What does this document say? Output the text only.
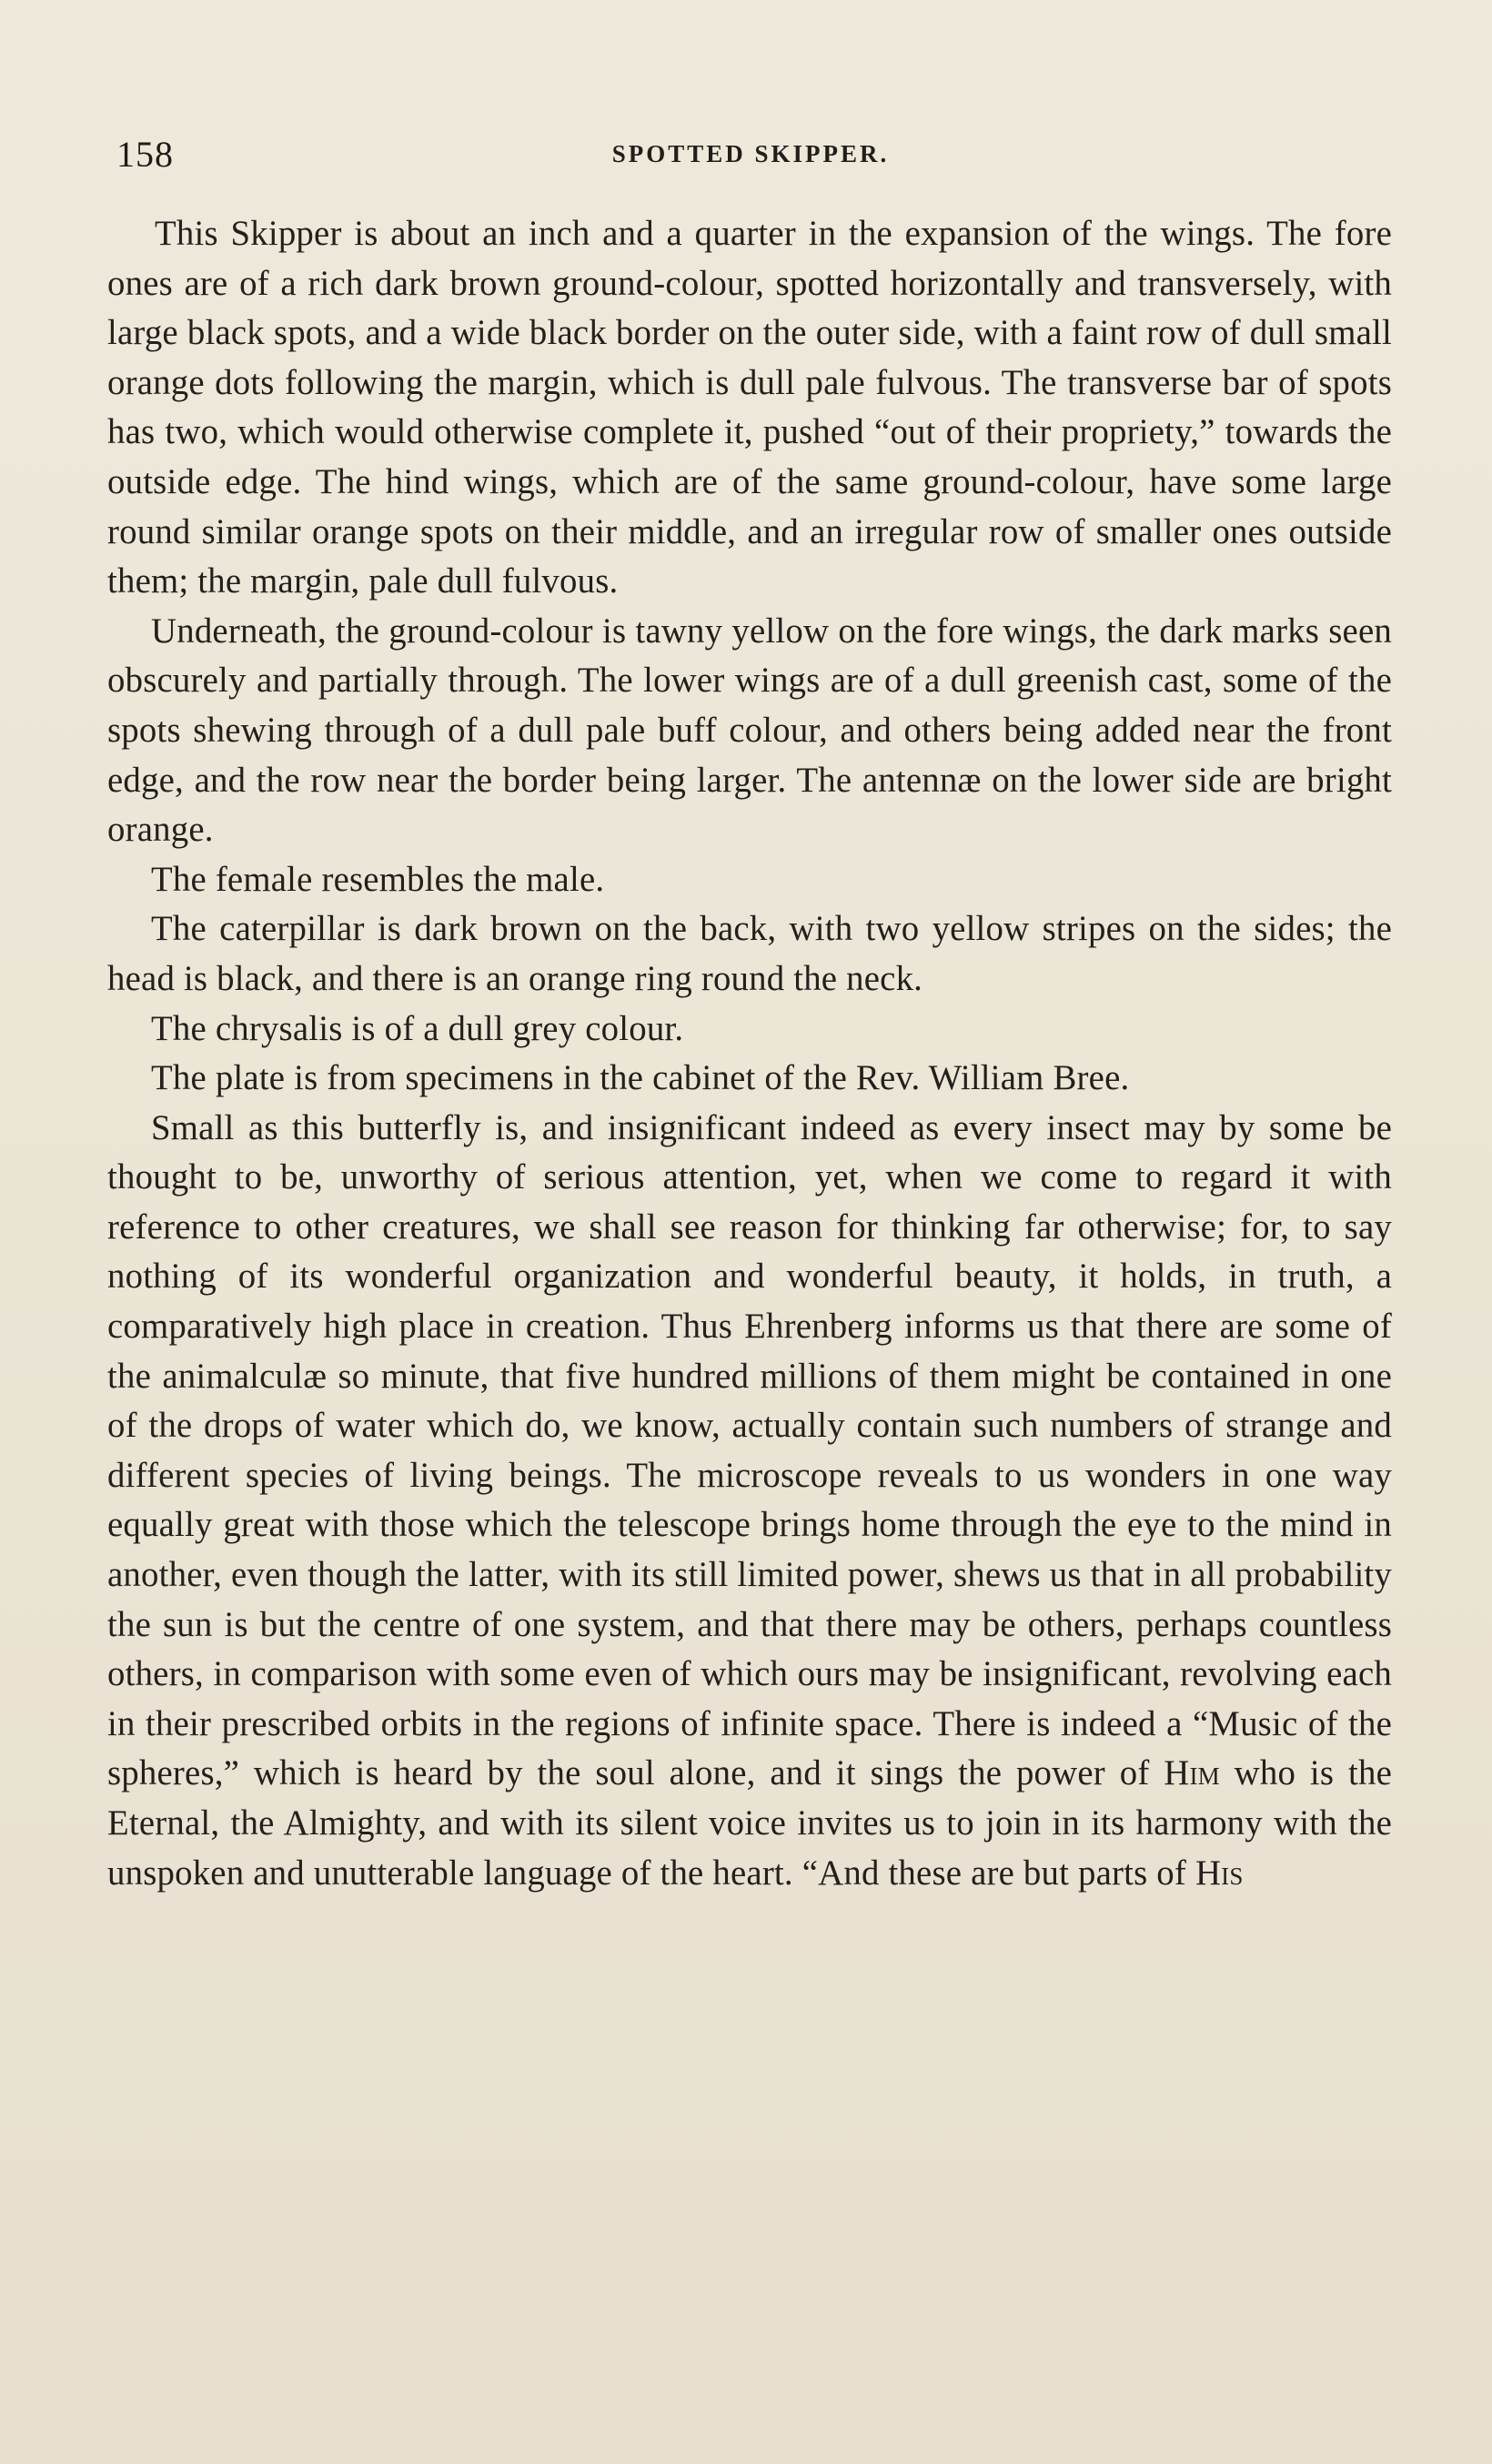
158	SPOTTED SKIPPER.

This Skipper is about an inch and a quarter in the expansion of the wings. The fore ones are of a rich dark brown ground-colour, spotted horizontally and transversely, with large black spots, and a wide black border on the outer side, with a faint row of dull small orange dots following the margin, which is dull pale fulvous. The transverse bar of spots has two, which would otherwise complete it, pushed “out of their propriety,” towards the outside edge. The hind wings, which are of the same ground-colour, have some large round similar orange spots on their middle, and an irregular row of smaller ones outside them; the margin, pale dull fulvous.

Underneath, the ground-colour is tawny yellow on the fore wings, the dark marks seen obscurely and partially through. The lower wings are of a dull greenish cast, some of the spots shewing through of a dull pale buff colour, and others being added near the front edge, and the row near the border being larger. The antennæ on the lower side are bright orange.

The female resembles the male.

The caterpillar is dark brown on the back, with two yellow stripes on the sides; the head is black, and there is an orange ring round the neck.

The chrysalis is of a dull grey colour.

The plate is from specimens in the cabinet of the Rev. William Bree.

Small as this butterfly is, and insignificant indeed as every insect may by some be thought to be, unworthy of serious attention, yet, when we come to regard it with reference to other creatures, we shall see reason for thinking far otherwise; for, to say nothing of its wonderful organization and wonderful beauty, it holds, in truth, a comparatively high place in creation. Thus Ehrenberg informs us that there are some of the animalculæ so minute, that five hundred millions of them might be contained in one of the drops of water which do, we know, actually contain such numbers of strange and different species of living beings. The microscope reveals to us wonders in one way equally great with those which the telescope brings home through the eye to the mind in another, even though the latter, with its still limited power, shews us that in all probability the sun is but the centre of one system, and that there may be others, perhaps countless others, in comparison with some even of which ours may be insignificant, revolving each in their prescribed orbits in the regions of infinite space. There is indeed a “Music of the spheres,” which is heard by the soul alone, and it sings the power of Him who is the Eternal, the Almighty, and with its silent voice invites us to join in its harmony with the unspoken and unutterable language of the heart. “And these are but parts of His
